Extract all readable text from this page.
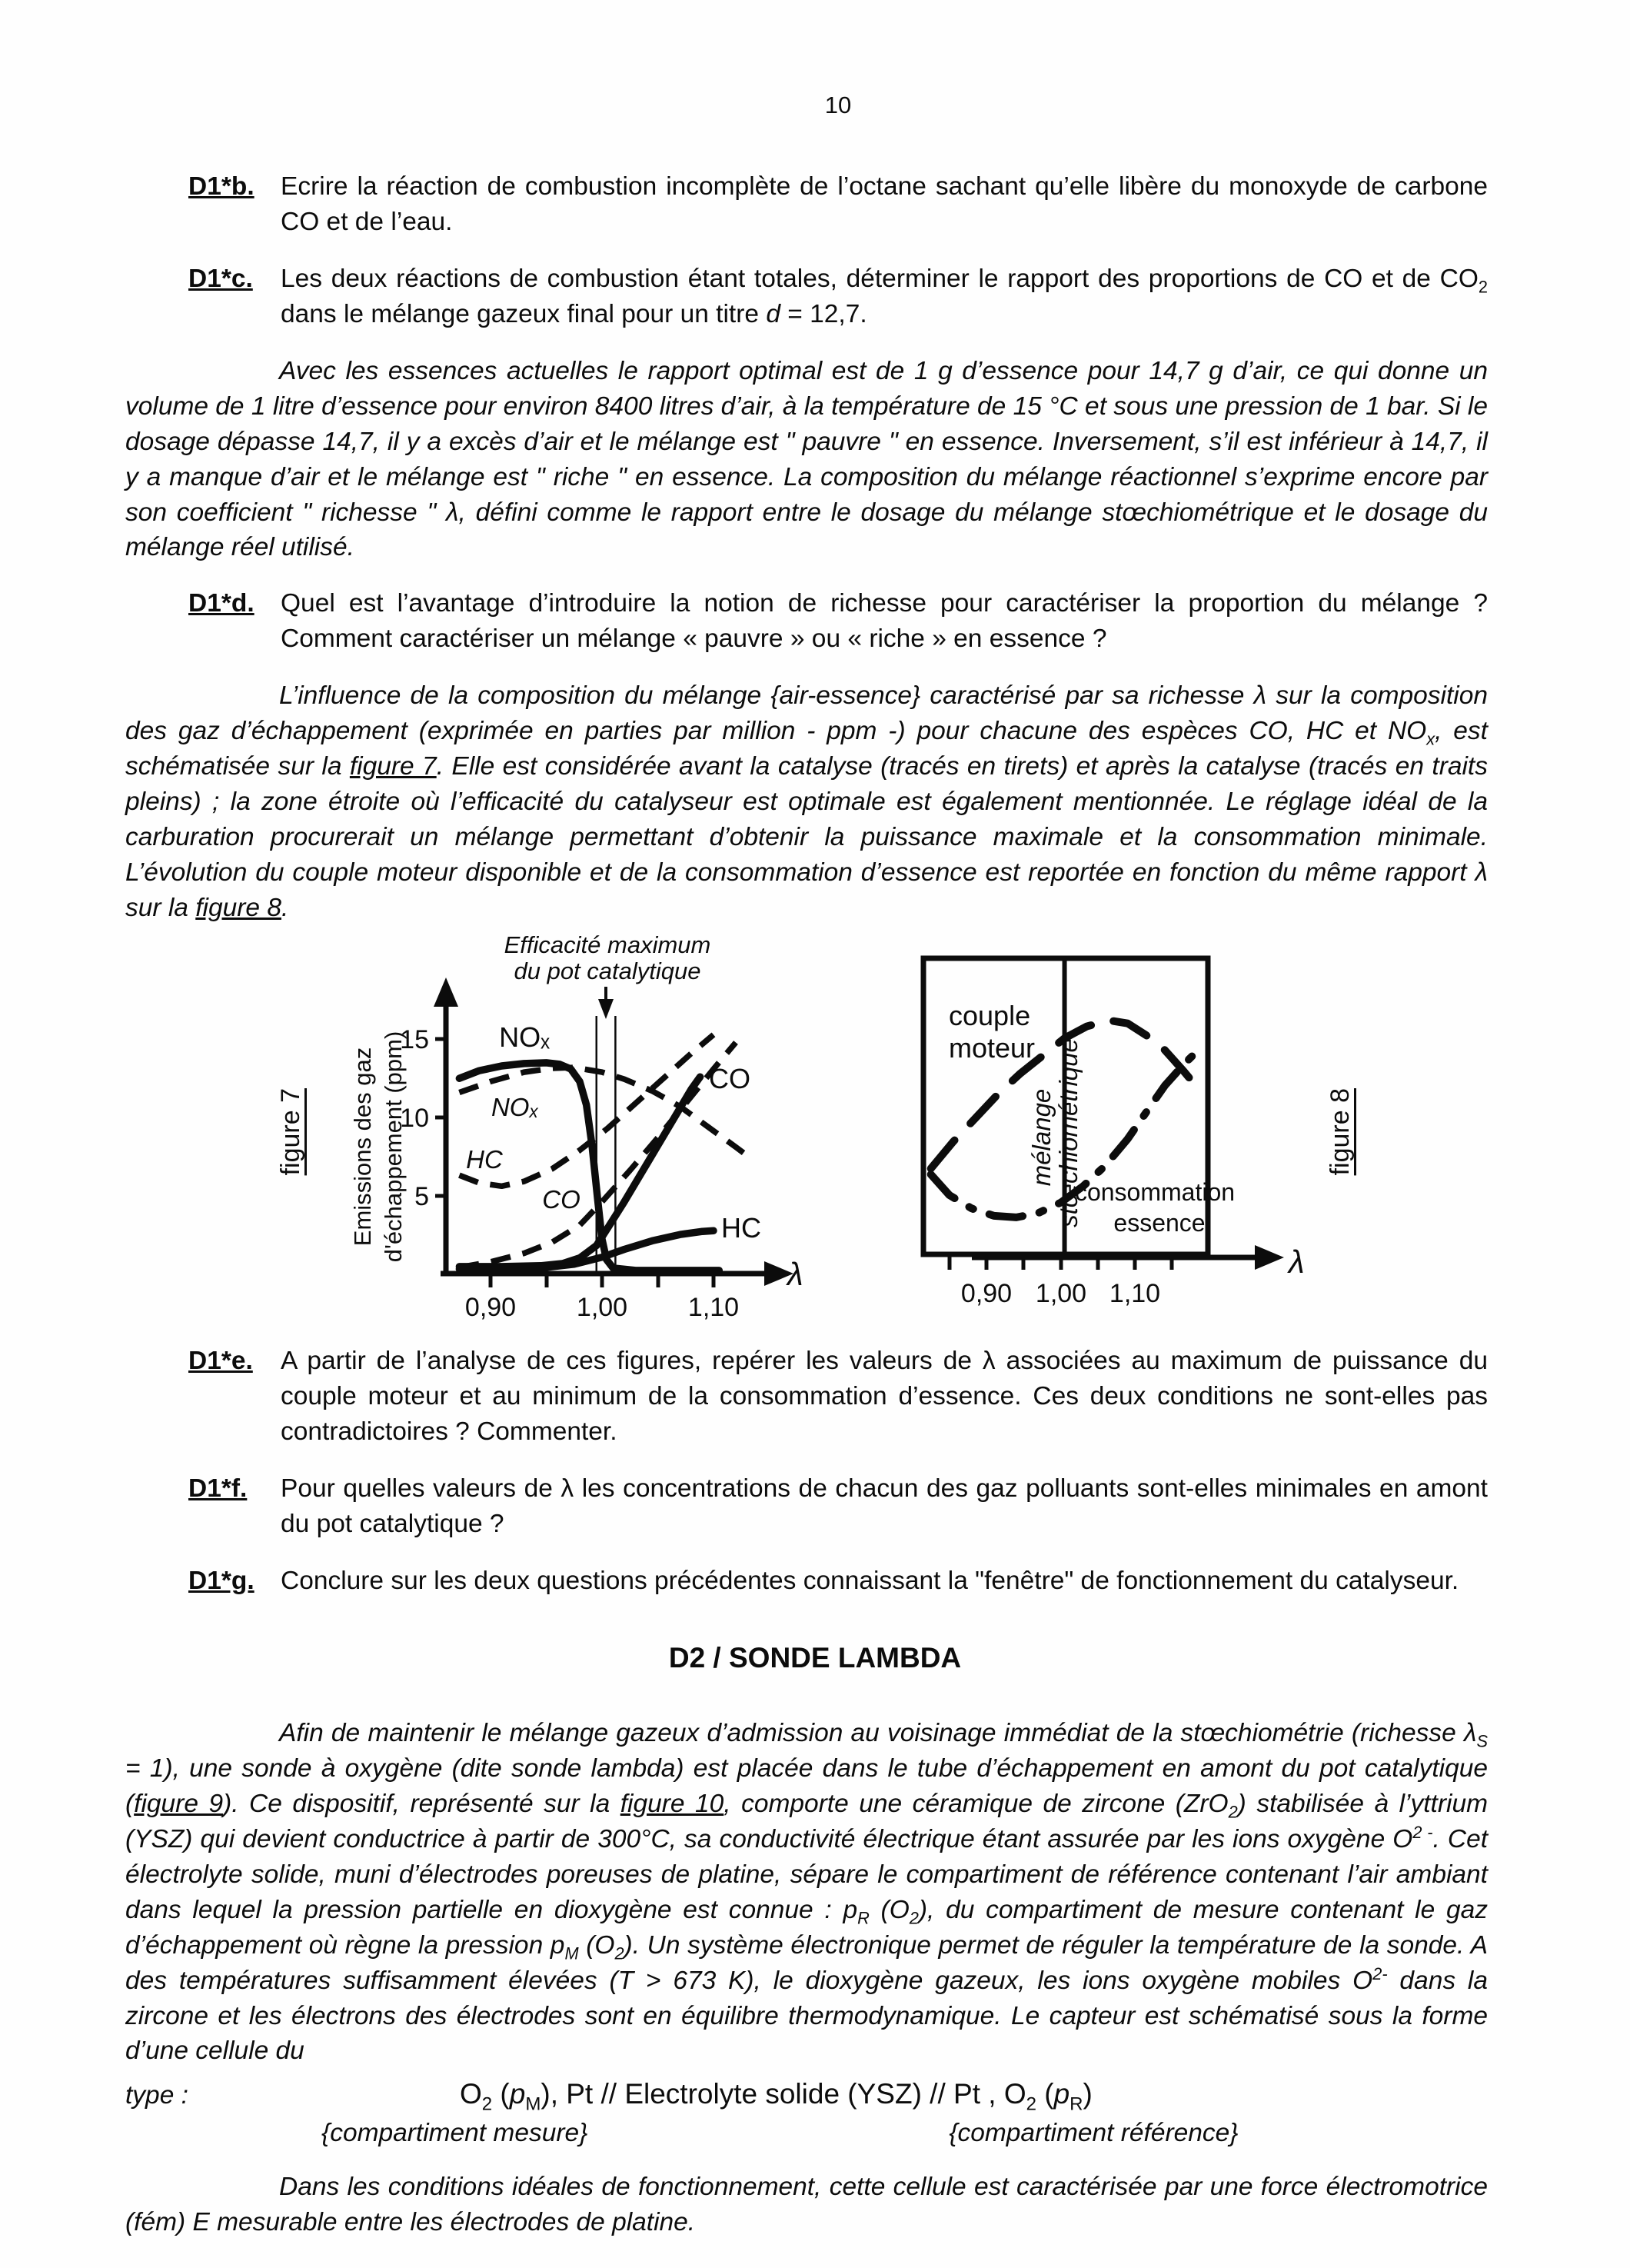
10
D1*b.	Ecrire la réaction de combustion incomplète de l’octane sachant qu’elle libère du monoxyde de carbone CO et de l’eau.
D1*c.	Les deux réactions de combustion étant totales, déterminer le rapport des proportions de CO et de $CO_2$ dans le mélange gazeux final pour un titre d = 12,7.
Avec les essences actuelles le rapport optimal est de 1 g d’essence pour 14,7 g d’air, ce qui donne un volume de 1 litre d’essence pour environ 8400 litres d’air, à la température de 15 °C et sous une pression de 1 bar. Si le dosage dépasse 14,7, il y a excès d’air et le mélange est " pauvre " en essence. Inversement, s’il est inférieur à 14,7, il y a manque d’air et le mélange est " riche " en essence. La composition du mélange réactionnel s’exprime encore par son coefficient " richesse " λ, défini comme le rapport entre le dosage du mélange stœchiométrique et le dosage du mélange réel utilisé.
D1*d.	Quel est l’avantage d’introduire la notion de richesse pour caractériser la proportion du mélange ? Comment caractériser un mélange « pauvre » ou « riche » en essence ?
L’influence de la composition du mélange {air-essence} caractérisé par sa richesse λ sur la composition des gaz d’échappement (exprimée en parties par million - ppm -) pour chacune des espèces CO, HC et $NO_x$, est schématisée sur la figure 7. Elle est considérée avant la catalyse (tracés en tirets) et après la catalyse (tracés en traits pleins) ; la zone étroite où l’efficacité du catalyseur est optimale est également mentionnée. Le réglage idéal de la carburation procurerait un mélange permettant d’obtenir la puissance maximale et la consommation minimale. L’évolution du couple moteur disponible et de la consommation d’essence est reportée en fonction du même rapport λ sur la figure 8.
figure 7
Efficacité maximum
du pot catalytique
15
10
5
0,90 1,00 1,10
λ
Emissions des gaz d'échappement (ppm)	NOₓ
NOₓ
HC
CO
CO
HC
couple
moteur
mélange
stœchiométrique
consommation
essence
0,90 1,00 1,10
λ
figure 8
D1*e.	A partir de l’analyse de ces figures, repérer les valeurs de λ associées au maximum de puissance du couple moteur et au minimum de la consommation d’essence. Ces deux conditions ne sont-elles pas contradictoires ? Commenter.
D1*f.	Pour quelles valeurs de λ les concentrations de chacun des gaz polluants sont-elles minimales en amont du pot catalytique ?
D1*g.	Conclure sur les deux questions précédentes connaissant la "fenêtre" de fonctionnement du catalyseur.
D2 / SONDE LAMBDA
Afin de maintenir le mélange gazeux d’admission au voisinage immédiat de la stœchiométrie (richesse $\lambda_S = 1$), une sonde à oxygène (dite sonde lambda) est placée dans le tube d’échappement en amont du pot catalytique (figure 9). Ce dispositif, représenté sur la figure 10, comporte une céramique de zircone (ZrO$_2$) stabilisée à l’yttrium (YSZ) qui devient conductrice à partir de 300°C, sa conductivité électrique étant assurée par les ions oxygène $O^{2 -}$. Cet électrolyte solide, muni d’électrodes poreuses de platine, sépare le compartiment de référence contenant l’air ambiant dans lequel la pression partielle en dioxygène est connue : $p_R$ $(O_2)$, du compartiment de mesure contenant le gaz d’échappement où règne la pression $p_M$ $(O_2)$. Un système électronique permet de réguler la température de la sonde. A des températures suffisamment élevées (T > 673 K), le dioxygène gazeux, les ions oxygène mobiles $O^{2-}$ dans la zircone et les électrons des électrodes sont en équilibre thermodynamique. Le capteur est schématisé sous la forme d’une cellule du
type :	$O_2$ $(p_M)$, Pt // Electrolyte solide (YSZ) // Pt , $O_2$ $(p_R)$
{compartiment mesure}	{compartiment référence}
Dans les conditions idéales de fonctionnement, cette cellule est caractérisée par une force électromotrice (fém) E mesurable entre les électrodes de platine.
